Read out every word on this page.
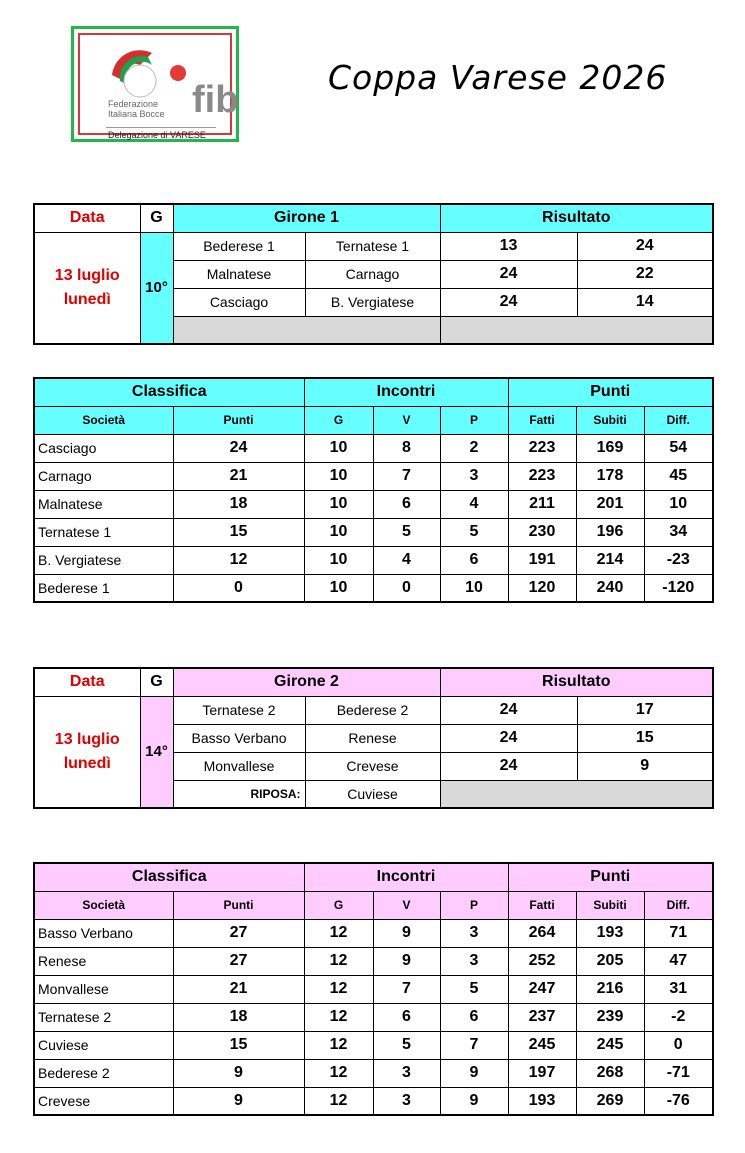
fib
Federazione
Italiana Bocce
Delegazione di VARESE
Coppa Varese 2026
Data	G	Girone 1		Risultato	

13 luglio
lunedì	10°	Bederese 1	Ternatese 1	13	24
		Malnatese	Carnago	24	22
		Casciago	B. Vergiatese	24	14

Classifica		Incontri			Punti		
Società	Punti	G	V	P	Fatti	Subiti	Diff.
Casciago	24	10	8	2	223	169	54
Carnago	21	10	7	3	223	178	45
Malnatese	18	10	6	4	211	201	10
Ternatese 1	15	10	5	5	230	196	34
B. Vergiatese	12	10	4	6	191	214	-23
Bederese 1	0	10	0	10	120	240	-120
Data	G	Girone 2		Risultato	

13 luglio
lunedì	14°	Ternatese 2	Bederese 2	24	17
		Basso Verbano	Renese	24	15
		Monvallese	Crevese	24	9
		RIPOSA:	Cuviese		
Classifica		Incontri			Punti		
Società	Punti	G	V	P	Fatti	Subiti	Diff.
Basso Verbano	27	12	9	3	264	193	71
Renese	27	12	9	3	252	205	47
Monvallese	21	12	7	5	247	216	31
Ternatese 2	18	12	6	6	237	239	-2
Cuviese	15	12	5	7	245	245	0
Bederese 2	9	12	3	9	197	268	-71
Crevese	9	12	3	9	193	269	-76
